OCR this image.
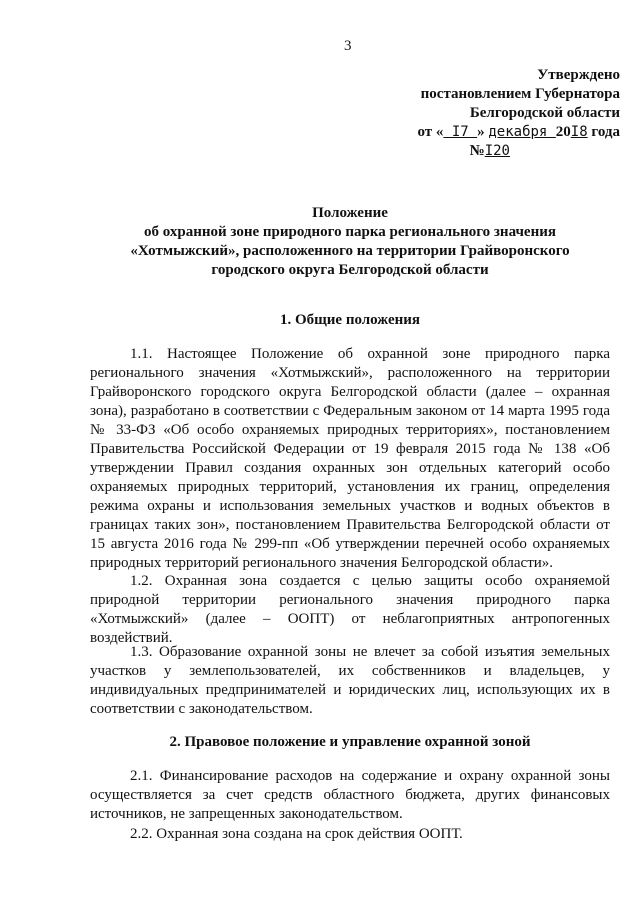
3
Утверждено
постановлением Губернатора
Белгородской области
от « I7 » декабря 20I8 года
№I20
Положение
об охранной зоне природного парка регионального значения
«Хотмыжский», расположенного на территории Грайворонского
городского округа Белгородской области
1. Общие положения
1.1. Настоящее Положение об охранной зоне природного парка регионального значения «Хотмыжский», расположенного на территории Грайворонского городского округа Белгородской области (далее – охранная зона), разработано в соответствии с Федеральным законом от 14 марта 1995 года № 33-ФЗ «Об особо охраняемых природных территориях», постановлением Правительства Российской Федерации от 19 февраля 2015 года № 138 «Об утверждении Правил создания охранных зон отдельных категорий особо охраняемых природных территорий, установления их границ, определения режима охраны и использования земельных участков и водных объектов в границах таких зон», постановлением Правительства Белгородской области от 15 августа 2016 года № 299-пп «Об утверждении перечней особо охраняемых природных территорий регионального значения Белгородской области».
1.2. Охранная зона создается с целью защиты особо охраняемой природной территории регионального значения природного парка «Хотмыжский» (далее – ООПТ) от неблагоприятных антропогенных воздействий.
1.3. Образование охранной зоны не влечет за собой изъятия земельных участков у землепользователей, их собственников и владельцев, у индивидуальных предпринимателей и юридических лиц, использующих их в соответствии с законодательством.
2. Правовое положение и управление охранной зоной
2.1. Финансирование расходов на содержание и охрану охранной зоны осуществляется за счет средств областного бюджета, других финансовых источников, не запрещенных законодательством.
2.2. Охранная зона создана на срок действия ООПТ.
